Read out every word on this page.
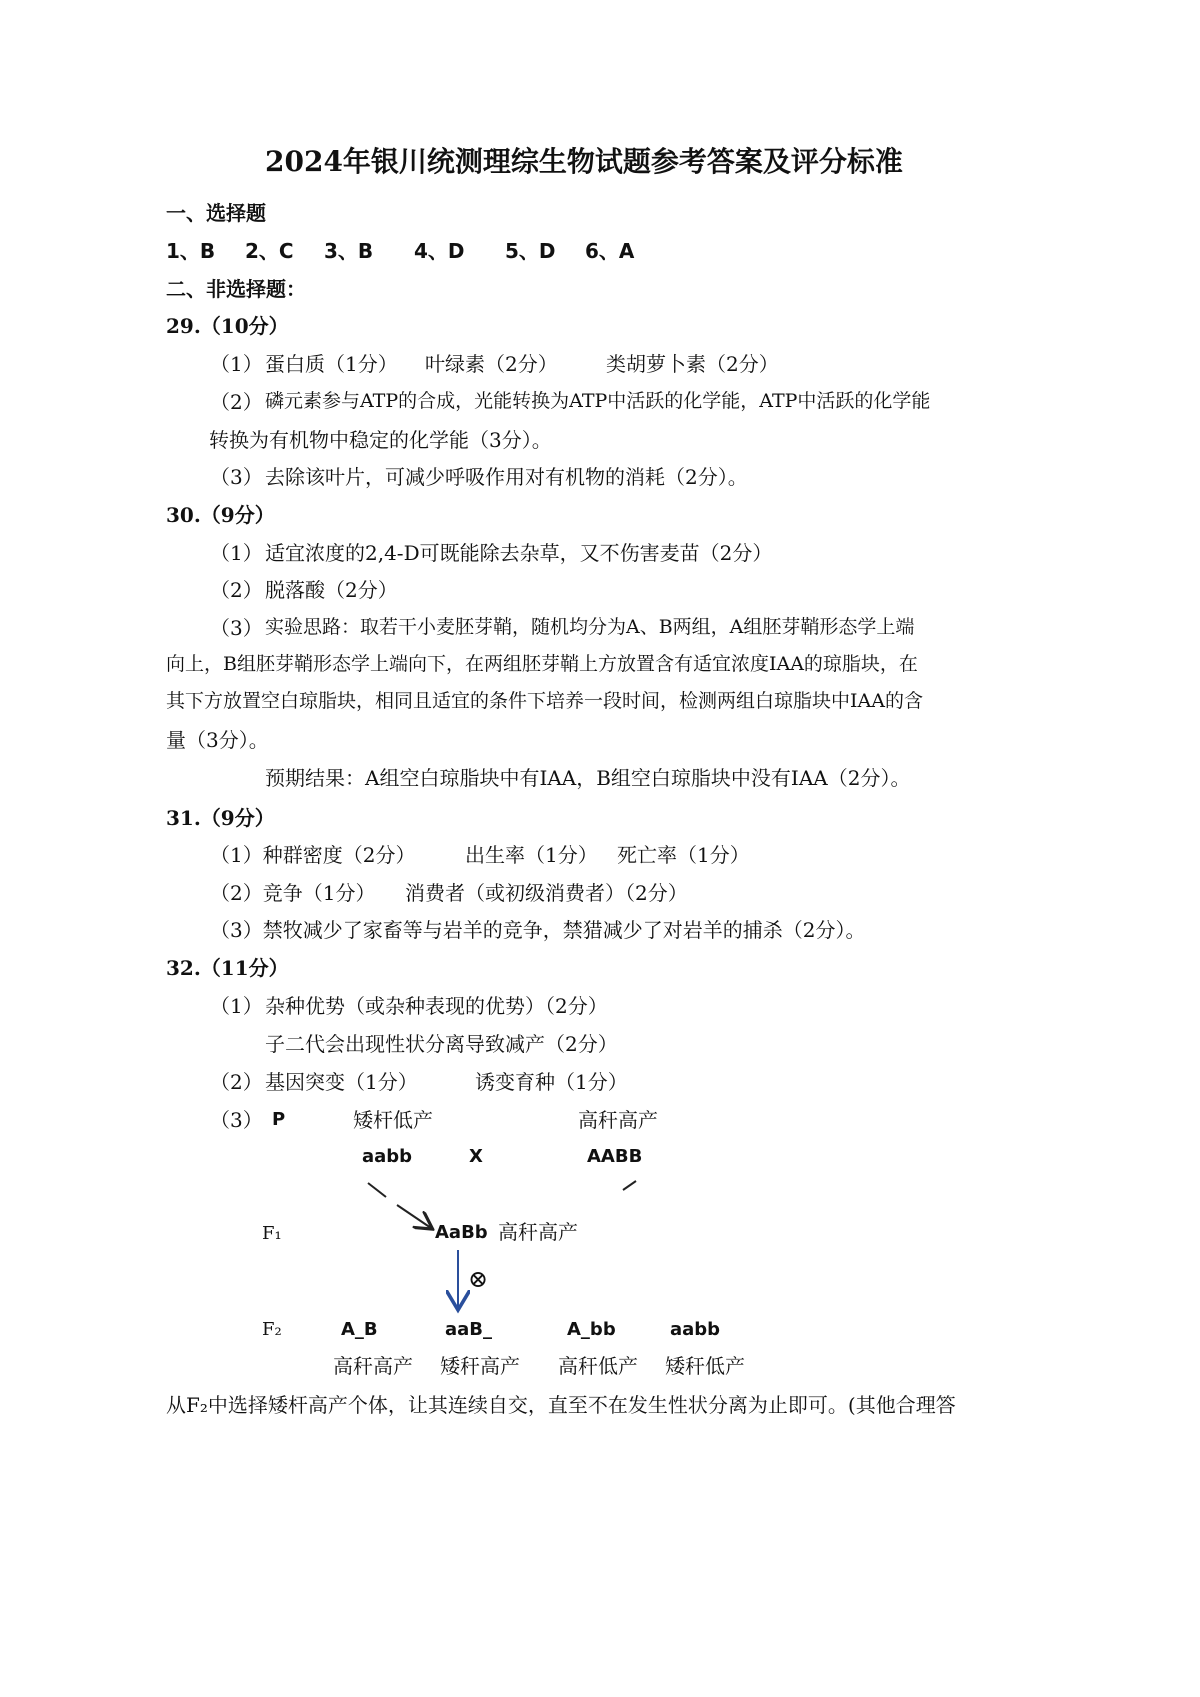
2024年银川统测理综生物试题参考答案及评分标准
一、选择题
1、B 2、C 3、B 4、D 5、D 6、A
二、非选择题：
29.（10分）
（1） 蛋白质（1分） 叶绿素（2分） 类胡萝卜素（2分）
（2） 磷元素参与ATP的合成，光能转换为ATP中活跃的化学能，ATP中活跃的化学能
转换为有机物中稳定的化学能（3分）。
（3） 去除该叶片，可减少呼吸作用对有机物的消耗（2分）。
30.（9分）
（1） 适宜浓度的2,4-D可既能除去杂草，又不伤害麦苗（2分）
（2） 脱落酸（2分）
（3） 实验思路：取若干小麦胚芽鞘，随机均分为A、B两组，A组胚芽鞘形态学上端
向上，B组胚芽鞘形态学上端向下，在两组胚芽鞘上方放置含有适宜浓度IAA的琼脂块，在
其下方放置空白琼脂块，相同且适宜的条件下培养一段时间，检测两组白琼脂块中IAA的含
量（3分）。
预期结果：A组空白琼脂块中有IAA，B组空白琼脂块中没有IAA（2分）。
31.（9分）
（1）种群密度（2分） 出生率（1分） 死亡率（1分）
（2）竞争（1分） 消费者（或初级消费者）（2分）
（3）禁牧减少了家畜等与岩羊的竞争，禁猎减少了对岩羊的捕杀（2分）。
32.（11分）
（1） 杂种优势（或杂种表现的优势）（2分）
子二代会出现性状分离导致减产（2分）
（2） 基因突变（1分）	诱变育种（1分）
（3） P	矮杆低产	高秆高产
aabb	X	AABB
F₁	AaBb 高秆高产
⊗
F₂	A_B	aaB_	A_bb	aabb
高秆高产 矮秆高产 高秆低产 矮秆低产
从F₂中选择矮杆高产个体，让其连续自交，直至不在发生性状分离为止即可。(其他合理答
